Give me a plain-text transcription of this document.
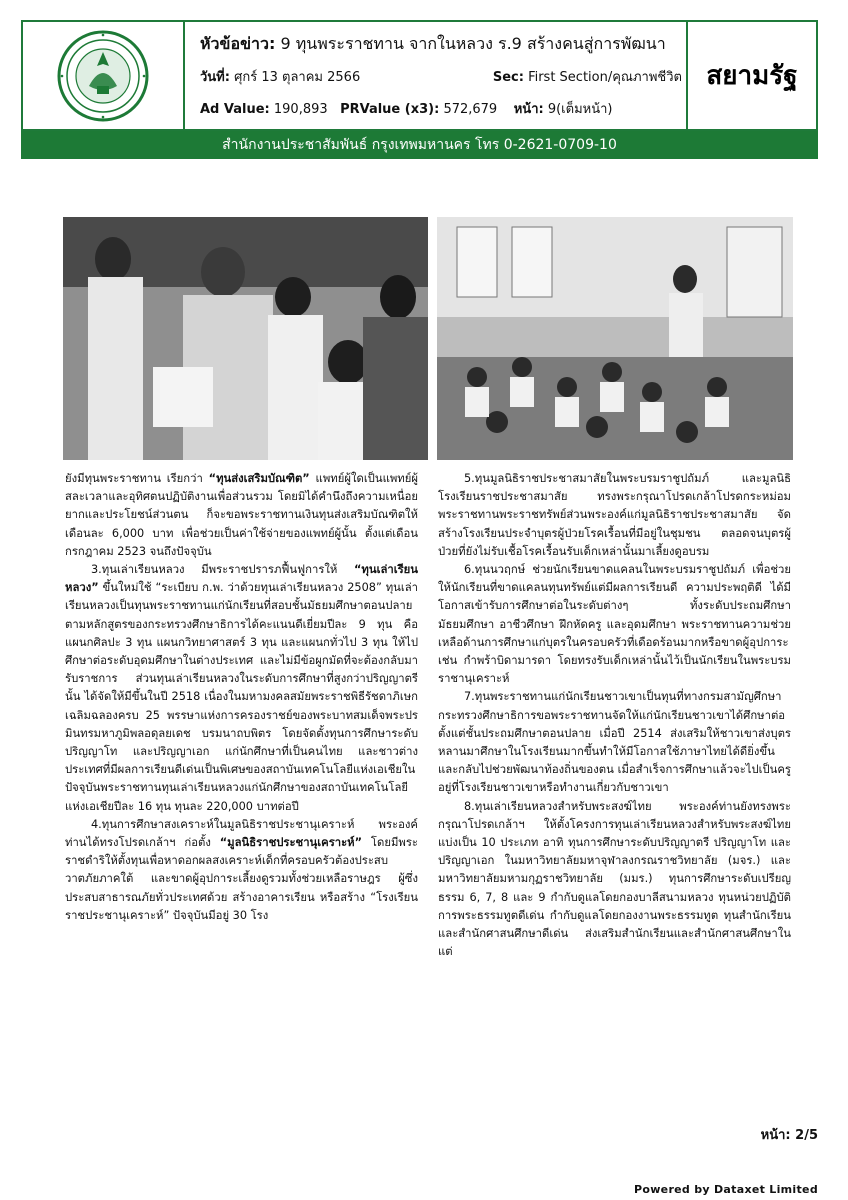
หัวข้อข่าว: 9 ทุนพระราชทาน จากในหลวง ร.9 สร้างคนสู่การพัฒนา
วันที่: ศุกร์ 13 ตุลาคม 2566	Sec: First Section/คุณภาพชีวิต
Ad Value: 190,893 PRValue (x3): 572,679 หน้า: 9(เต็มหน้า)
สยามรัฐ
สำนักงานประชาสัมพันธ์ กรุงเทพมหานคร โทร 0-2621-0709-10

ยังมีทุนพระราชทาน เรียกว่า “ทุนส่งเสริมบัณฑิต” แพทย์ผู้ใดเป็นแพทย์ผู้สละเวลาและอุทิศตนปฏิบัติงานเพื่อส่วนรวม โดยมิได้คำนึงถึงความเหนื่อยยากและประโยชน์ส่วนตน ก็จะขอพระราชทานเงินทุนส่งเสริมบัณฑิตให้เดือนละ 6,000 บาท เพื่อช่วยเป็นค่าใช้จ่ายของแพทย์ผู้นั้น ตั้งแต่เดือนกรกฎาคม 2523 จนถึงปัจจุบัน

3.ทุนเล่าเรียนหลวง มีพระราชปรารภฟื้นฟูการให้ “ทุนเล่าเรียนหลวง” ขึ้นใหม่ใช้ “ระเบียบ ก.พ. ว่าด้วยทุนเล่าเรียนหลวง 2508” ทุนเล่าเรียนหลวงเป็นทุนพระราชทานแก่นักเรียนที่สอบชั้นมัธยมศึกษาตอนปลายตามหลักสูตรของกระทรวงศึกษาธิการได้คะแนนดีเยี่ยมปีละ 9 ทุน คือ แผนกศิลปะ 3 ทุน แผนกวิทยาศาสตร์ 3 ทุน และแผนกทั่วไป 3 ทุน ให้ไปศึกษาต่อระดับอุดมศึกษาในต่างประเทศ และไม่มีข้อผูกมัดที่จะต้องกลับมารับราชการ ส่วนทุนเล่าเรียนหลวงในระดับการศึกษาที่สูงกว่าปริญญาตรีนั้น ได้จัดให้มีขึ้นในปี 2518 เนื่องในมหามงคลสมัยพระราชพิธีรัชดาภิเษกเฉลิมฉลองครบ 25 พรรษาแห่งการครองราชย์ของพระบาทสมเด็จพระปรมินทรมหาภูมิพลอดุลยเดช บรมนาถบพิตร โดยจัดตั้งทุนการศึกษาระดับปริญญาโท และปริญญาเอก แก่นักศึกษาที่เป็นคนไทย และชาวต่างประเทศที่มีผลการเรียนดีเด่นเป็นพิเศษของสถาบันเทคโนโลยีแห่งเอเชียในปัจจุบันพระราชทานทุนเล่าเรียนหลวงแก่นักศึกษาของสถาบันเทคโนโลยีแห่งเอเชียปีละ 16 ทุน ทุนละ 220,000 บาทต่อปี

4.ทุนการศึกษาสงเคราะห์ในมูลนิธิราชประชานุเคราะห์ พระองค์ท่านได้ทรงโปรดเกล้าฯ ก่อตั้ง “มูลนิธิราชประชานุเคราะห์” โดยมีพระราชดำริให้ตั้งทุนเพื่อหาดอกผลสงเคราะห์เด็กที่ครอบครัวต้องประสบวาตภัยภาคใต้ และขาดผู้อุปการะเลี้ยงดูรวมทั้งช่วยเหลือราษฎร ผู้ซึ่งประสบสาธารณภัยทั่วประเทศด้วย สร้างอาคารเรียน หรือสร้าง “โรงเรียนราชประชานุเคราะห์” ปัจจุบันมีอยู่ 30 โรง

5.ทุนมูลนิธิราชประชาสมาสัยในพระบรมราชูปถัมภ์ และมูลนิธิโรงเรียนราชประชาสมาสัย ทรงพระกรุณาโปรดเกล้าโปรดกระหม่อมพระราชทานพระราชทรัพย์ส่วนพระองค์แก่มูลนิธิราชประชาสมาสัย จัดสร้างโรงเรียนประจำบุตรผู้ป่วยโรคเรื้อนที่มีอยู่ในชุมชน ตลอดจนบุตรผู้ป่วยที่ยังไม่รับเชื้อโรคเรื้อนรับเด็กเหล่านั้นมาเลี้ยงดูอบรม

6.ทุนนวฤกษ์ ช่วยนักเรียนขาดแคลนในพระบรมราชูปถัมภ์ เพื่อช่วยให้นักเรียนที่ขาดแคลนทุนทรัพย์แต่มีผลการเรียนดี ความประพฤติดี ได้มีโอกาสเข้ารับการศึกษาต่อในระดับต่างๆ ทั้งระดับประถมศึกษา มัธยมศึกษา อาชีวศึกษา ฝึกหัดครู และอุดมศึกษา พระราชทานความช่วยเหลือด้านการศึกษาแก่บุตรในครอบครัวที่เดือดร้อนมากหรือขาดผู้อุปการะ เช่น กำพร้าบิดามารดา โดยทรงรับเด็กเหล่านั้นไว้เป็นนักเรียนในพระบรมราชานุเคราะห์

7.ทุนพระราชทานแก่นักเรียนชาวเขาเป็นทุนที่ทางกรมสามัญศึกษา กระทรวงศึกษาธิการขอพระราชทานจัดให้แก่นักเรียนชาวเขาได้ศึกษาต่อตั้งแต่ชั้นประถมศึกษาตอนปลาย เมื่อปี 2514 ส่งเสริมให้ชาวเขาส่งบุตรหลานมาศึกษาในโรงเรียนมากขึ้นทำให้มีโอกาสใช้ภาษาไทยได้ดียิ่งขึ้นและกลับไปช่วยพัฒนาท้องถิ่นของตน เมื่อสำเร็จการศึกษาแล้วจะไปเป็นครูอยู่ที่โรงเรียนชาวเขาหรือทำงานเกี่ยวกับชาวเขา

8.ทุนเล่าเรียนหลวงสำหรับพระสงฆ์ไทย พระองค์ท่านยังทรงพระกรุณาโปรดเกล้าฯ ให้ตั้งโครงการทุนเล่าเรียนหลวงสำหรับพระสงฆ์ไทย แบ่งเป็น 10 ประเภท อาทิ ทุนการศึกษาระดับปริญญาตรี ปริญญาโท และปริญญาเอก ในมหาวิทยาลัยมหาจุฬาลงกรณราชวิทยาลัย (มจร.) และมหาวิทยาลัยมหามกุฏราชวิทยาลัย (มมร.) ทุนการศึกษาระดับเปรียญธรรม 6, 7, 8 และ 9 กำกับดูแลโดยกองบาลีสนามหลวง ทุนหน่วยปฏิบัติการพระธรรมทูตดีเด่น กำกับดูแลโดยกองงานพระธรรมทูต ทุนสำนักเรียนและสำนักศาสนศึกษาดีเด่น ส่งเสริมสำนักเรียนและสำนักศาสนศึกษาในแต่

หน้า: 2/5
Powered by Dataxet Limited
